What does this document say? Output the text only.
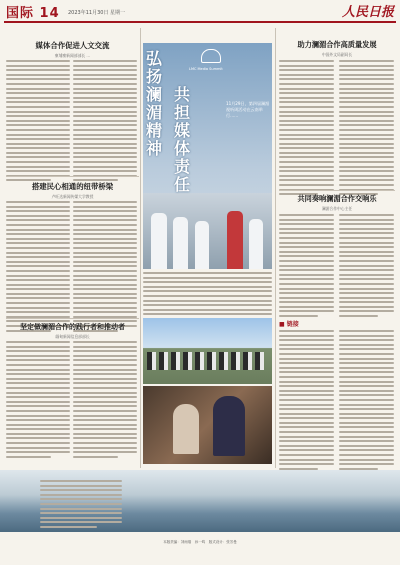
国际 14 2023年11月30日 星期一	人民日报
媒体合作促进人文交流
柬埔寨新闻部部长 …
搭建民心相通的纽带桥梁
卢旺达新闻传媒大学教授
坚定做澜湄合作的践行者和推动者
缅甸新闻信息部部长
LMC Media Summit
弘扬澜湄精神
共担媒体责任
11月29日，第四届澜湄视听周活动在云南举行……
助力澜湄合作高质量发展
中国外文局副局长
共同奏响澜湄合作交响乐
澜湄合作中心主任
■ 链接
本版责编：刘雨瑞　孙一鸣　版式设计：张芳曼
